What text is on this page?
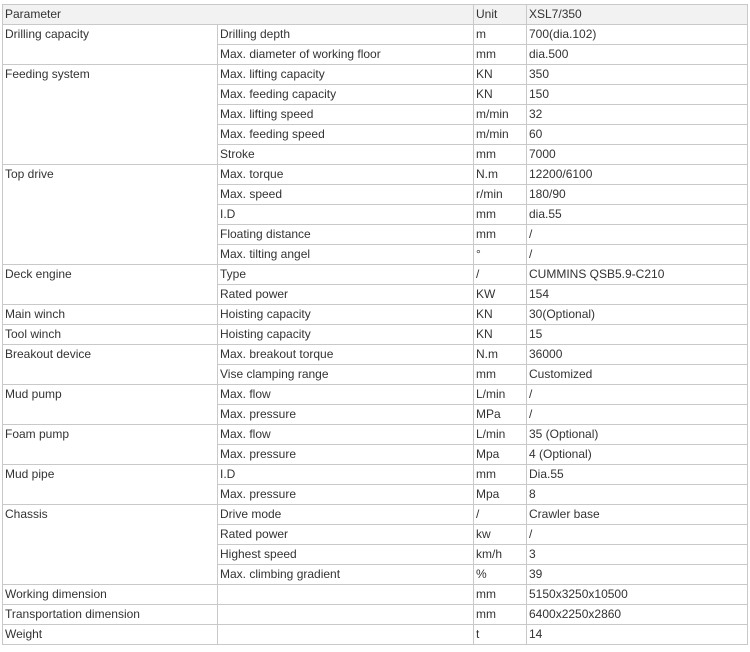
Parameter		Unit	XSL7/350
Drilling capacity	Drilling depth	m	700(dia.102)
	Max. diameter of working floor	mm	dia.500
Feeding system	Max. lifting capacity	KN	350
	Max. feeding capacity	KN	150
	Max. lifting speed	m/min	32
	Max. feeding speed	m/min	60
	Stroke	mm	7000
Top drive	Max. torque	N.m	12200/6100
	Max. speed	r/min	180/90
	I.D	mm	dia.55
	Floating distance	mm	/
	Max. tilting angel	°	/
Deck engine	Type	/	CUMMINS QSB5.9-C210
	Rated power	KW	154
Main winch	Hoisting capacity	KN	30(Optional)
Tool winch	Hoisting capacity	KN	15
Breakout device	Max. breakout torque	N.m	36000
	Vise clamping range	mm	Customized
Mud pump	Max. flow	L/min	/
	Max. pressure	MPa	/
Foam pump	Max. flow	L/min	35 (Optional)
	Max. pressure	Mpa	4 (Optional)
Mud pipe	I.D	mm	Dia.55
	Max. pressure	Mpa	8
Chassis	Drive mode	/	Crawler base
	Rated power	kw	/
	Highest speed	km/h	3
	Max. climbing gradient	%	39
Working dimension		mm	5150x3250x10500
Transportation dimension		mm	6400x2250x2860
Weight		t	14
